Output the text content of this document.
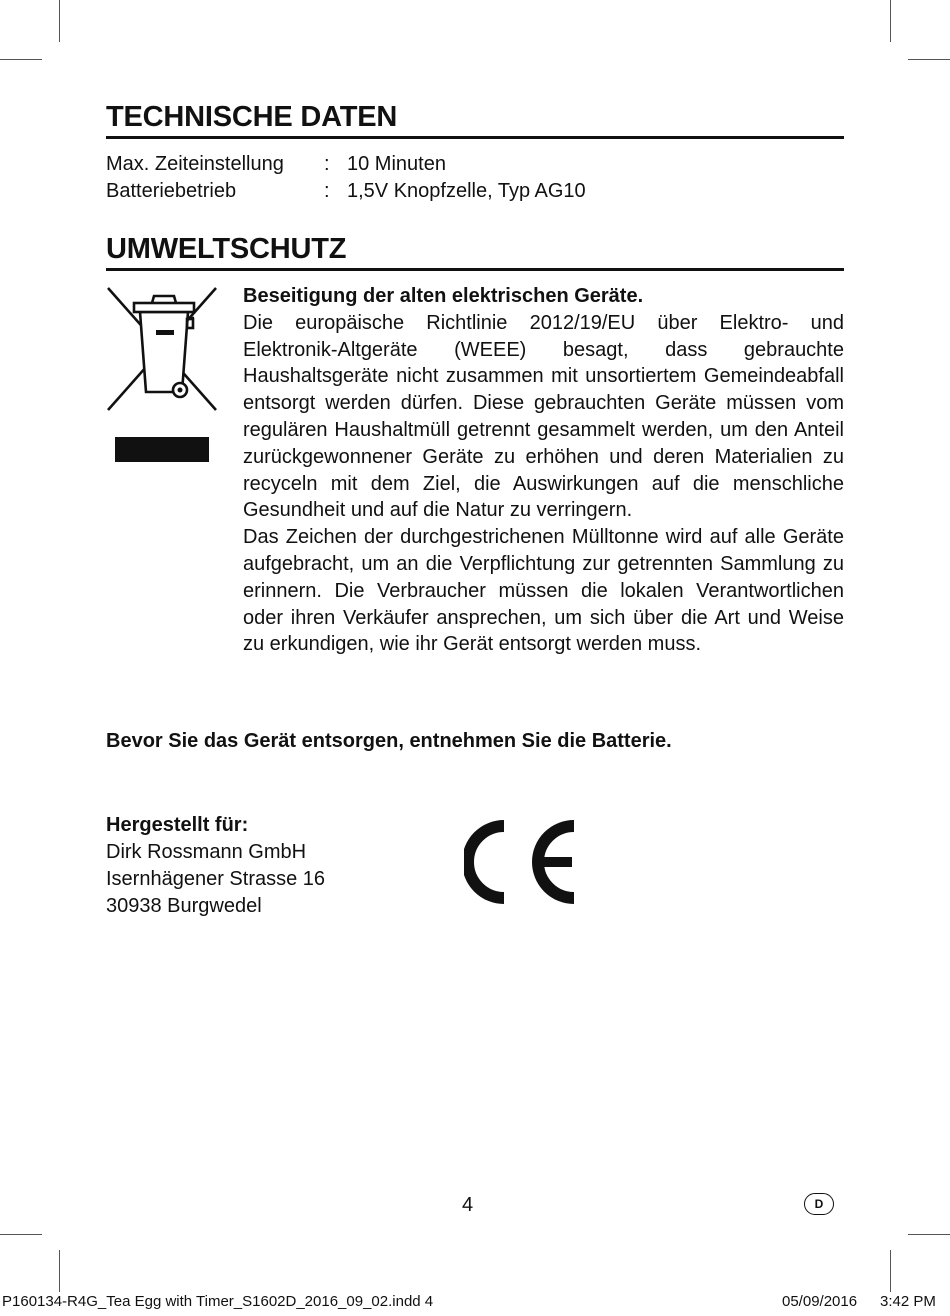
TECHNISCHE DATEN
Max. Zeiteinstellung : 10 Minuten
Batteriebetrieb	: 1,5V Knopfzelle, Typ AG10
UMWELTSCHUTZ

Beseitigung der alten elektrischen Geräte.

Die europäische Richtlinie 2012/19/EU über Elektro- und Elektronik-Altgeräte (WEEE) besagt, dass gebrauchte Haushaltsgeräte nicht zusammen mit unsortiertem Gemeindeabfall entsorgt werden dürfen. Diese gebrauchten Geräte müssen vom regulären Haushaltmüll getrennt gesammelt werden, um den Anteil zurückgewonnener Geräte zu erhöhen und deren Materialien zu recyceln mit dem Ziel, die Auswirkungen auf die menschliche Gesundheit und auf die Natur zu verringern.

Das Zeichen der durchgestrichenen Mülltonne wird auf alle Geräte aufgebracht, um an die Verpflichtung zur getrennten Sammlung zu erinnern. Die Verbraucher müssen die lokalen Verantwortlichen oder ihren Verkäufer ansprechen, um sich über die Art und Weise zu erkundigen, wie ihr Gerät entsorgt werden muss.

Bevor Sie das Gerät entsorgen, entnehmen Sie die Batterie.
Hergestellt für:
Dirk Rossmann GmbH
Isernhägener Strasse 16
30938 Burgwedel
4	D
P160134-R4G_Tea Egg with Timer_S1602D_2016_09_02.indd 4	05/09/2016 3:42 PM
